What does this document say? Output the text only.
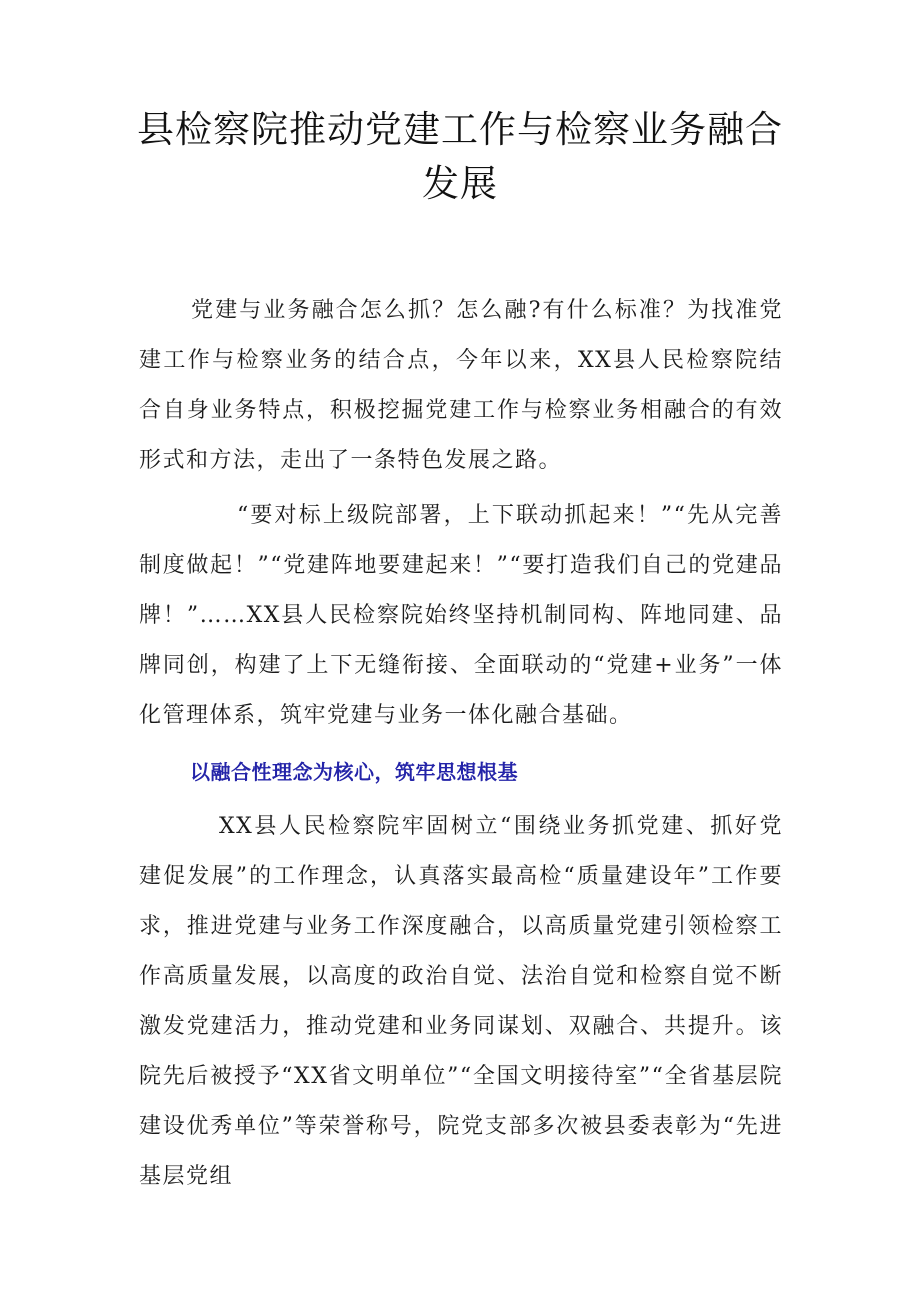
县检察院推动党建工作与检察业务融合发展

党建与业务融合怎么抓？怎么融?有什么标准？为找准党建工作与检察业务的结合点，今年以来，XX县人民检察院结合自身业务特点，积极挖掘党建工作与检察业务相融合的有效形式和方法，走出了一条特色发展之路。

“要对标上级院部署，上下联动抓起来！”“先从完善制度做起！”“党建阵地要建起来！”“要打造我们自己的党建品牌！”……XX县人民检察院始终坚持机制同构、阵地同建、品牌同创，构建了上下无缝衔接、全面联动的“党建+业务”一体化管理体系，筑牢党建与业务一体化融合基础。

以融合性理念为核心，筑牢思想根基

XX县人民检察院牢固树立“围绕业务抓党建、抓好党建促发展”的工作理念，认真落实最高检“质量建设年”工作要求，推进党建与业务工作深度融合，以高质量党建引领检察工作高质量发展，以高度的政治自觉、法治自觉和检察自觉不断激发党建活力，推动党建和业务同谋划、双融合、共提升。该院先后被授予“XX省文明单位”“全国文明接待室”“全省基层院建设优秀单位”等荣誉称号，院党支部多次被县委表彰为“先进基层党组
